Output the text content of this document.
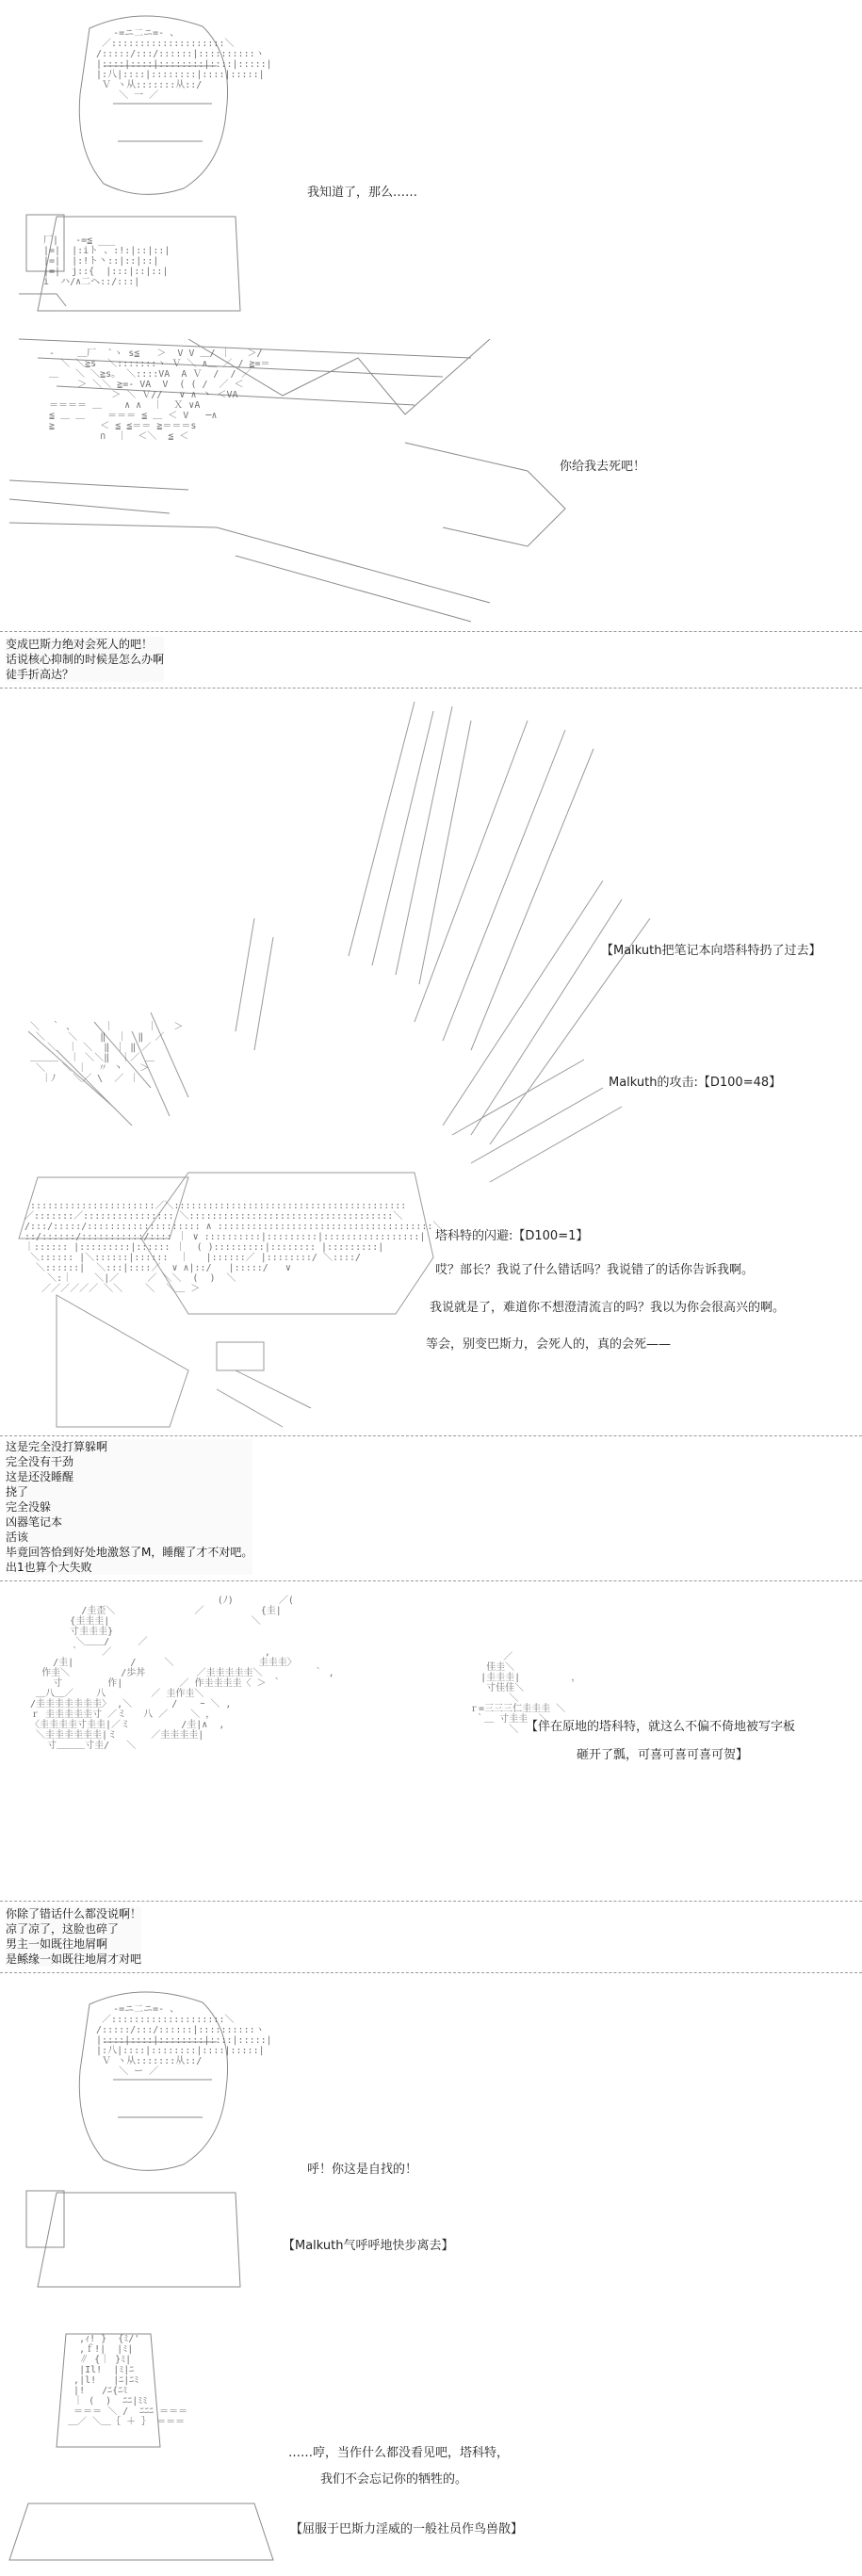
-=ニ二ニ=- 、
／::::::::::::::::::::＼
/:::::/:::/::::::|::::::::::ヽ
|::::|::::|::::::::|::::|:::::|
|:八|::::|::::::::|::::|:::::|
Ｖ ヽ从:::::::从::/
＼ 一 ／
厂|   -=≦ ___
|=|  |:iト 、:!:|::|::|
|=|  |:!ト丶::|::|::|
|=|  j::{  |:::|::|::|
i  ハ/∧二ヘ::/:::|
‐    ＿厂  `ヽ s≦   ＞  V V ＿/ ｜   ＞/
＼ ＼≧s  ＼:::::::ヽ Ｖ ＼ ∧＿ ／ / ≧=＝
＿   ＼ ＼≧s。 ＼::::VA  A Ｖ  /  / ／
＞ ＼＼ ≧=- VA  V  ( ( /  ／ ＜
＞ ＼ Ｖ//   ∨ ∧ 丶 ＜VA
＝＝＝＝ ＿    ∧ ∧  ｜  Ｘ ∨A
≦ ＿ ＿    ＝＝＝ ≦ ＿ ＜ V   ─∧
≧        ＜ ≦ ≦＝＝ ≧＝＝＝s
∩  ｜  ＜＼  ≦ ＜
我知道了，那么……
你给我去死吧！
变成巴斯力绝对会死人的吧！
话说核心抑制的时候是怎么办啊
徒手折高达？
＼  ｀ 、     ｜      ｜   ＞
＼    ＼    ‖  ｜  ‖  ／
＼  ｜ ＼  ‖ ｜ ‖ ／
＿＿＿  ｜ ＼＼‖  ｜／ ＿
＼   ＼ ｜  〃 丶   ＞
｜ﾉ   ＼／ \  ／ ｜
::::::::::::::::::::::／＼:::::::::::::::::::::::::::::::::::::::::
／:::::::／:::::::::::::::: ＼::::::::::::::::::::::::::::::::::::＼
/:::/:::::/:::::::::::::::::::: ∧ ::::::::::::::::::::::::::::::::::::::＼
::/::::::/:::::::::::/:::: ｜ ∨ ::::::::::|:::::::::|:::::::::::::::::|
｜:::::: |:::::::::|:::::: ｜  ( ):::::::::|:::::::: |:::::::::|
＼:::::: |＼::::::|::::::  ｜   |::::::／ |::::::::/ ＼::::/
＼::::::|  ＼:::|::::／  ∨ ∧|::/   |:::::/   ∨
＼:｜    ＼|／     ／ ＼＼  (  )  ＼
／／／／／／ ＼＼    ＼  ＼＿ ＞
【Malkuth把笔记本向塔科特扔了过去】
Malkuth的攻击:【D100=48】
塔科特的闪避:【D100=1】
哎？部长？我说了什么错话吗？我说错了的话你告诉我啊。
我说就是了，难道你不想澄清流言的吗？我以为你会很高兴的啊。
等会，别变巴斯力，会死人的，真的会死——
这是完全没打算躲啊
完全没有干劲
这是还没睡醒
挠了
完全没躲
凶器笔记本
活该
毕竟回答恰到好处地激怒了M，睡醒了才不对吧。
出1也算个大失败
(ﾉ)        ／(
/圭歪＼              ／          {圭|
{圭圭圭|                         ＼
寸圭圭圭}
＼＿＿/     ／
｀    ／                           ,
/圭|          /     ＼               圭圭圭〉
作圭＼         /歩丼         ／圭圭圭圭圭＼         ｀ ,
寸        作|          ／ 作圭圭圭圭〈 ＞ ｀
＿八＿／    八        ／ 圭作圭＼
/圭圭圭圭圭圭圭〉 ,＼       /    ｰ ＼ ,
ｒ 圭圭圭圭圭寸 ／ミ   八 ／    ＼ ，
〈圭圭圭圭寸圭圭|／ミ         /圭|∧  ,
＼圭圭圭圭圭圭|ミ      ／圭圭圭圭|
寸＿＿＿寸圭/   ＼
／
佳圭＼
|圭圭圭|         ，
寸佳佳＼
＼
ｒ=三三三仁圭圭圭 ＼
｀＿ 寸圭圭  ＼
＼ 【伴在原地的塔科特，就这么不偏不倚地被写字板
砸开了瓢，可喜可喜可喜可贺】
你除了错话什么都没说啊！
凉了凉了，这脸也碎了
男主一如既往地屑啊
是鲧缘一如既往地屑才对吧
-=ニ二ニ=- 、
／::::::::::::::::::::＼
/:::::/:::/::::::|::::::::::ヽ
|::::|::::|::::::::|::::|:::::|
|:八|::::|::::::::|::::|:::::|
Ｖ ヽ从:::::::从::/
＼ ー ／
,ｨ! }  {ﾐ/'
,ｆ!|  |ﾐ|
∥ {｜ }ﾐ|
|Il!  |ﾐ|ﾆ
,|l!   |ﾆ|ﾆﾐ
|!   /ﾆ{ﾆﾐ
｜ (  )  ﾆﾆ|ﾐﾐ
＝＝＝ ＼ /  ﾆﾆﾆ ＝＝＝
＿／ ＼＿｛ ＋ ｝ ＝＝＝
呼！你这是自找的！
【Malkuth气呼呼地快步离去】
……哼，当作什么都没看见吧，塔科特，
我们不会忘记你的牺牲的。
【屈服于巴斯力淫威的一般社员作鸟兽散】
